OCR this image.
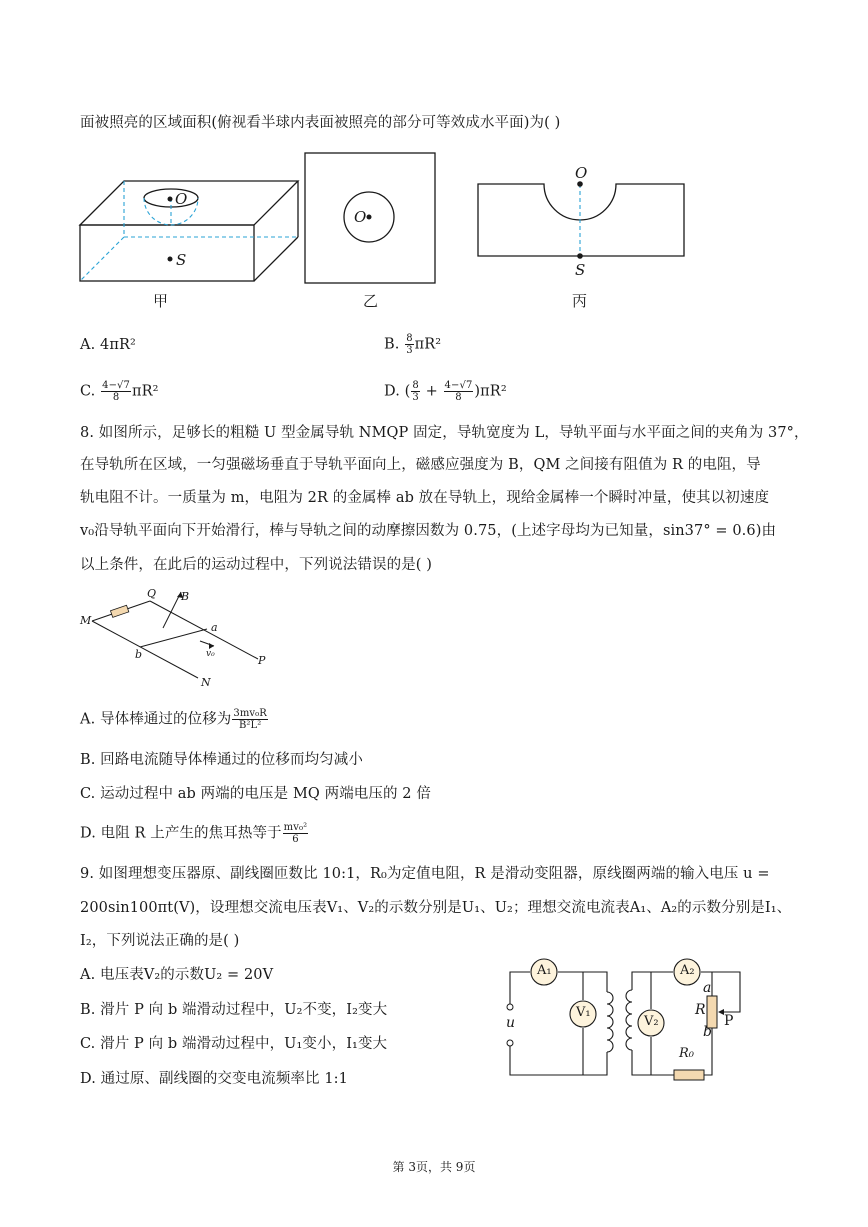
面被照亮的区域面积(俯视看半球内表面被照亮的部分可等效成水平面)为( )
O
S
甲
O
乙
O
S
丙
A. 4πR²	B. $\frac{8}{3} \pi R^2$
C. $\frac{4-√7}{8} \pi R^2$	D. ( $\frac{8}{3} + \frac{4-√7}{8} )\pi R^2$
8. 如图所示，足够长的粗糙 U 型金属导轨 NMQP 固定，导轨宽度为 L，导轨平面与水平面之间的夹角为 37°，
在导轨所在区域，一匀强磁场垂直于导轨平面向上，磁感应强度为 B，QM 之间接有阻值为 R 的电阻，导
轨电阻不计。一质量为 m，电阻为 2R 的金属棒 ab 放在导轨上，现给金属棒一个瞬时冲量，使其以初速度
v₀沿导轨平面向下开始滑行，棒与导轨之间的动摩擦因数为 0.75，(上述字母均为已知量，sin37° = 0.6)由
以上条件，在此后的运动过程中，下列说法错误的是( )
M
Q B
a
P
b	v₀
N
A. 导体棒通过的位移为 $\frac{\text{3mv₀R}}{\text{B²L²}}$
B. 回路电流随导体棒通过的位移而均匀减小
C. 运动过程中 ab 两端的电压是 MQ 两端电压的 2 倍
D. 电阻 R 上产生的焦耳热等于 $\frac{\text{mv₀²}}{6}$
9. 如图理想变压器原、副线圈匝数比 10:1，R₀为定值电阻，R 是滑动变阻器，原线圈两端的输入电压 u =
200sin100πt(V)，设理想交流电压表V₁、V₂的示数分别是U₁、U₂；理想交流电流表A₁、A₂的示数分别是I₁、
I₂，下列说法正确的是( )
A. 电压表V₂的示数U₂ = 20V
B. 滑片 P 向 b 端滑动过程中，U₂不变，I₂变大
C. 滑片 P 向 b 端滑动过程中，U₁变小，I₁变大
D. 通过原、副线圈的交变电流频率比 1:1
A₁
V₁
u	V₂
A₂
a
R
b
P
R₀
第 3页，共 9页
